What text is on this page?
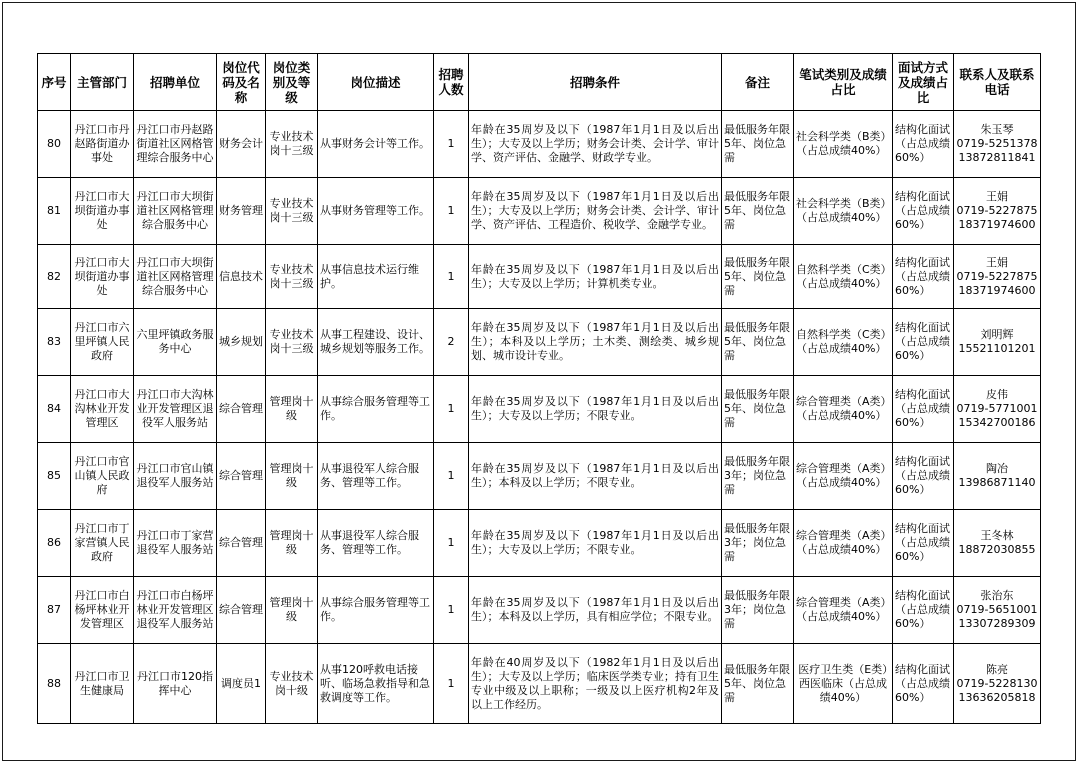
序号	主管部门	招聘单位	岗位代码及名称	岗位类别及等级	岗位描述	招聘人数	招聘条件	备注	笔试类别及成绩占比	面试方式及成绩占比	联系人及联系电话
80	丹江口市丹赵路街道办事处	丹江口市丹赵路街道社区网格管理综合服务中心	财务会计	专业技术岗十三级	从事财务会计等工作。	1	年龄在35周岁及以下（1987年1月1日及以后出生）；大专及以上学历；财务会计类、会计学、审计学、资产评估、金融学、财政学专业。	最低服务年限5年、岗位急需	社会科学类（B类）（占总成绩40%）	结构化面试（占总成绩60%）	朱玉琴
0719-5251378
13872811841

81	丹江口市大坝街道办事处	丹江口市大坝街道社区网格管理综合服务中心	财务管理	专业技术岗十三级	从事财务管理等工作。	1	年龄在35周岁及以下（1987年1月1日及以后出生）；大专及以上学历；财务会计类、会计学、审计学、资产评估、工程造价、税收学、金融学专业。	最低服务年限5年、岗位急需	社会科学类（B类）（占总成绩40%）	结构化面试（占总成绩60%）	王娟
0719-5227875
18371974600

82	丹江口市大坝街道办事处	丹江口市大坝街道社区网格管理综合服务中心	信息技术	专业技术岗十三级	从事信息技术运行维护。	1	年龄在35周岁及以下（1987年1月1日及以后出生）；大专及以上学历；计算机类专业。	最低服务年限5年、岗位急需	自然科学类（C类）（占总成绩40%）	结构化面试（占总成绩60%）	王娟
0719-5227875
18371974600

83	丹江口市六里坪镇人民政府	六里坪镇政务服务中心	城乡规划	专业技术岗十三级	从事工程建设、设计、城乡规划等服务工作。	2	年龄在35周岁及以下（1987年1月1日及以后出生）；本科及以上学历；土木类、测绘类、城乡规划、城市设计专业。	最低服务年限5年、岗位急需	自然科学类（C类）（占总成绩40%）	结构化面试（占总成绩60%）	刘明辉
15521101201

84	丹江口市大沟林业开发管理区	丹江口市大沟林业开发管理区退役军人服务站	综合管理	管理岗十级	从事综合服务管理等工作。	1	年龄在35周岁及以下（1987年1月1日及以后出生）；大专及以上学历；不限专业。	最低服务年限5年、岗位急需	综合管理类（A类）（占总成绩40%）	结构化面试（占总成绩60%）	皮伟
0719-5771001
15342700186

85	丹江口市官山镇人民政府	丹江口市官山镇退役军人服务站	综合管理	管理岗十级	从事退役军人综合服务、管理等工作。	1	年龄在35周岁及以下（1987年1月1日及以后出生）；本科及以上学历；不限专业。	最低服务年限3年；岗位急需	综合管理类（A类）（占总成绩40%）	结构化面试（占总成绩60%）	陶冶
13986871140

86	丹江口市丁家营镇人民政府	丹江口市丁家营退役军人服务站	综合管理	管理岗十级	从事退役军人综合服务、管理等工作。	1	年龄在35周岁及以下（1987年1月1日及以后出生）；大专及以上学历；不限专业。	最低服务年限3年；岗位急需	综合管理类（A类）（占总成绩40%）	结构化面试（占总成绩60%）	王冬林
18872030855

87	丹江口市白杨坪林业开发管理区	丹江口市白杨坪林业开发管理区退役军人服务站	综合管理	管理岗十级	从事综合服务管理等工作。	1	年龄在35周岁及以下（1987年1月1日及以后出生）；本科及以上学历，具有相应学位；不限专业。	最低服务年限3年；岗位急需	综合管理类（A类）（占总成绩40%）	结构化面试（占总成绩60%）	张治东
0719-5651001
13307289309

88	丹江口市卫生健康局	丹江口市120指挥中心	调度员1	专业技术岗十级	从事120呼救电话接听、临场急救指导和急救调度等工作。	1	年龄在40周岁及以下（1982年1月1日及以后出生）；大专及以上学历；临床医学类专业；持有卫生专业中级及以上职称；一级及以上医疗机构2年及以上工作经历。	最低服务年限5年、岗位急需	医疗卫生类（E类）西医临床（占总成绩40%）	结构化面试（占总成绩60%）	陈亮
0719-5228130
13636205818
